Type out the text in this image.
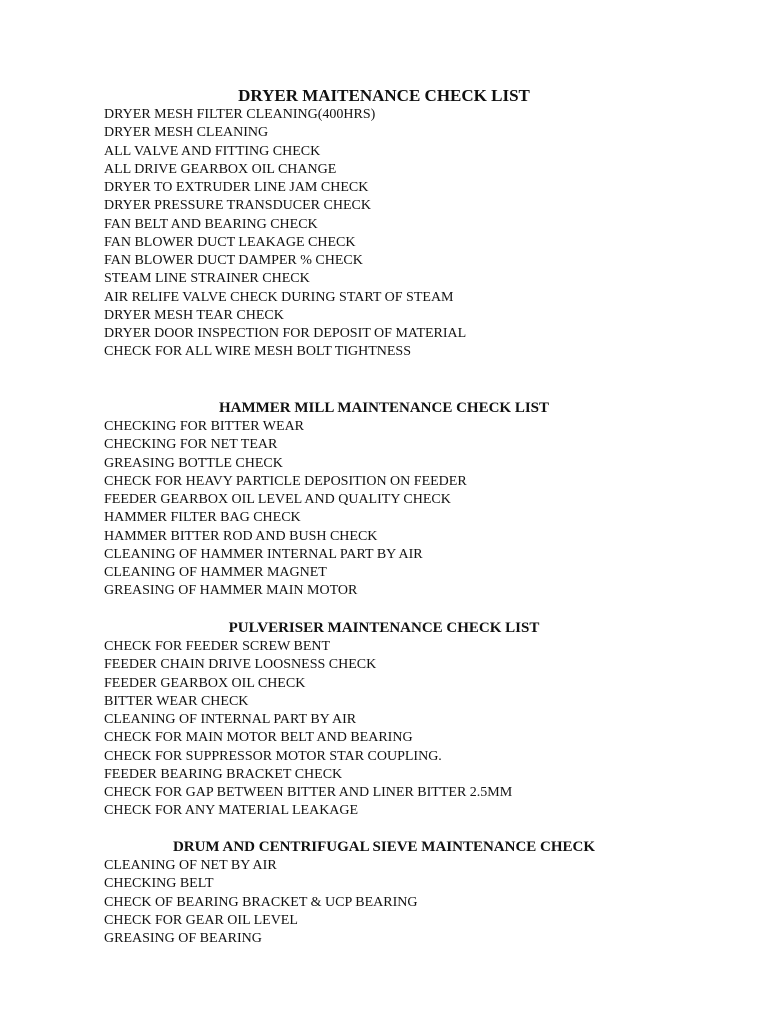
DRYER MAITENANCE CHECK LIST
DRYER MESH FILTER CLEANING(400HRS)
DRYER MESH CLEANING
ALL VALVE AND FITTING CHECK
ALL DRIVE GEARBOX OIL CHANGE
DRYER TO EXTRUDER LINE JAM CHECK
DRYER PRESSURE TRANSDUCER CHECK
FAN BELT AND BEARING CHECK
FAN BLOWER DUCT LEAKAGE CHECK
FAN BLOWER DUCT DAMPER % CHECK
STEAM LINE STRAINER CHECK
AIR RELIFE VALVE CHECK DURING START OF STEAM
DRYER MESH TEAR CHECK
DRYER DOOR INSPECTION FOR DEPOSIT OF MATERIAL
CHECK FOR ALL WIRE MESH BOLT TIGHTNESS
HAMMER MILL MAINTENANCE CHECK LIST
CHECKING FOR BITTER WEAR
CHECKING FOR NET TEAR
GREASING BOTTLE CHECK
CHECK FOR HEAVY PARTICLE DEPOSITION ON FEEDER
FEEDER GEARBOX OIL LEVEL AND QUALITY CHECK
HAMMER FILTER BAG CHECK
HAMMER BITTER ROD AND BUSH CHECK
CLEANING OF HAMMER INTERNAL PART BY AIR
CLEANING OF HAMMER MAGNET
GREASING OF HAMMER MAIN MOTOR
PULVERISER MAINTENANCE CHECK LIST
CHECK FOR FEEDER SCREW BENT
FEEDER CHAIN DRIVE LOOSNESS CHECK
FEEDER GEARBOX OIL CHECK
BITTER WEAR CHECK
CLEANING OF INTERNAL PART BY AIR
CHECK FOR MAIN MOTOR BELT AND BEARING
CHECK FOR SUPPRESSOR MOTOR STAR COUPLING.
FEEDER BEARING BRACKET CHECK
CHECK FOR GAP BETWEEN BITTER AND LINER BITTER 2.5MM
CHECK FOR ANY MATERIAL LEAKAGE
DRUM AND CENTRIFUGAL SIEVE MAINTENANCE CHECK
CLEANING OF NET BY AIR
CHECKING BELT
CHECK OF BEARING BRACKET & UCP BEARING
CHECK FOR GEAR OIL LEVEL
GREASING OF BEARING
